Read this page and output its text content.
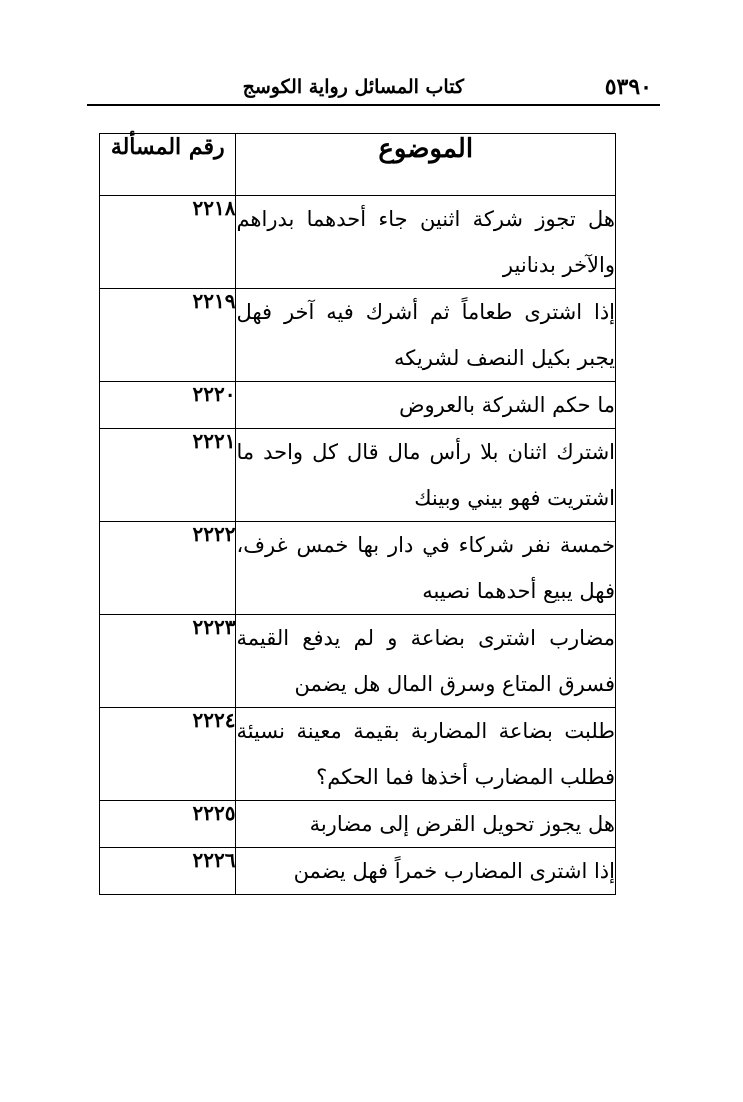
٥٣٩٠
كتاب المسائل رواية الكوسج
الموضوع	رقم المسألة
هل تجوز شركة اثنين جاء أحدهما بدراهم والآخر بدنانير	٢٢١٨
إذا اشترى طعاماً ثم أشرك فيه آخر فهل يجبر بكيل النصف لشريكه	٢٢١٩
ما حكم الشركة بالعروض	٢٢٢٠
اشترك اثنان بلا رأس مال قال كل واحد ما اشتريت فهو بيني وبينك	٢٢٢١
خمسة نفر شركاء في دار بها خمس غرف، فهل يبيع أحدهما نصيبه	٢٢٢٢
مضارب اشترى بضاعة و لم يدفع القيمة فسرق المتاع وسرق المال هل يضمن	٢٢٢٣
طلبت بضاعة المضاربة بقيمة معينة نسيئة فطلب المضارب أخذها فما الحكم؟	٢٢٢٤
هل يجوز تحويل القرض إلى مضاربة	٢٢٢٥
إذا اشترى المضارب خمراً فهل يضمن	٢٢٢٦
